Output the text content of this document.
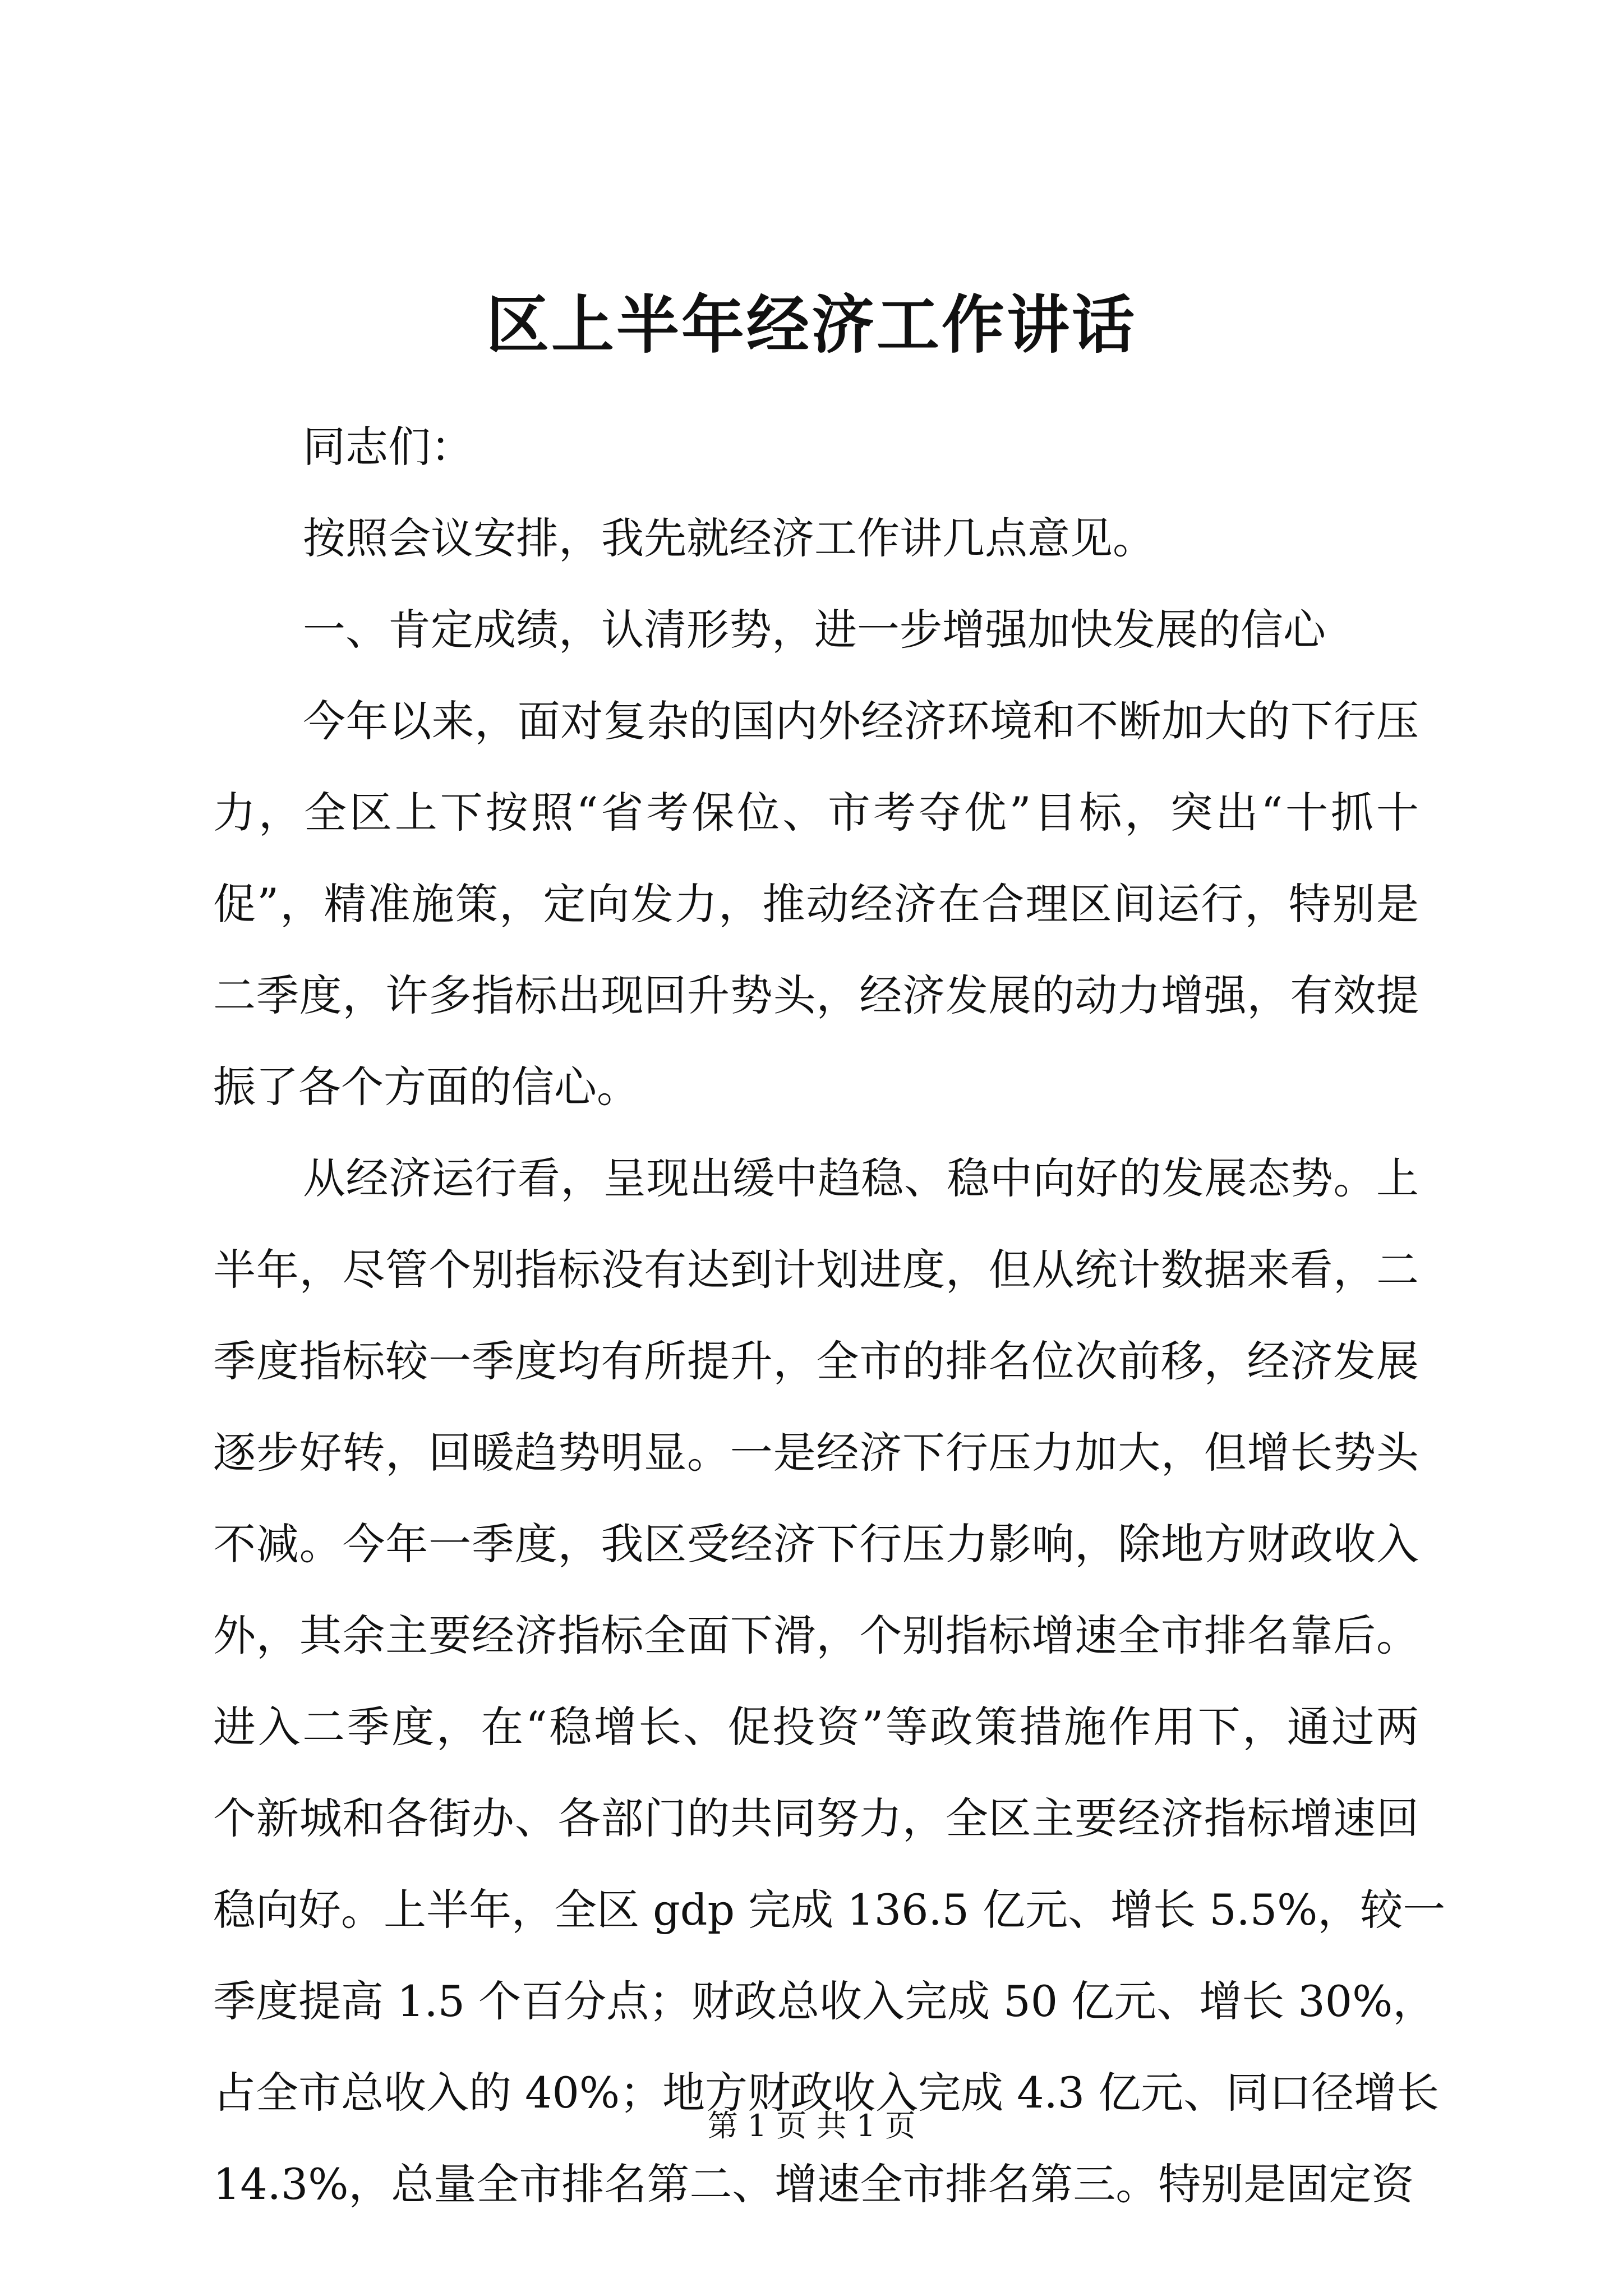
区上半年经济工作讲话

同志们：

按照会议安排，我先就经济工作讲几点意见。

一、肯定成绩，认清形势，进一步增强加快发展的信心

今年以来，面对复杂的国内外经济环境和不断加大的下行压
力，全区上下按照“省考保位、市考夺优”目标，突出“十抓十
促”，精准施策，定向发力，推动经济在合理区间运行，特别是
二季度，许多指标出现回升势头，经济发展的动力增强，有效提
振了各个方面的信心。
从经济运行看，呈现出缓中趋稳、稳中向好的发展态势。上
半年，尽管个别指标没有达到计划进度，但从统计数据来看，二
季度指标较一季度均有所提升，全市的排名位次前移，经济发展
逐步好转，回暖趋势明显。一是经济下行压力加大，但增长势头
不减。今年一季度，我区受经济下行压力影响，除地方财政收入
外，其余主要经济指标全面下滑，个别指标增速全市排名靠后。
进入二季度，在“稳增长、促投资”等政策措施作用下，通过两
个新城和各街办、各部门的共同努力，全区主要经济指标增速回
稳向好。上半年，全区 gdp 完成 136.5 亿元、增长 5.5%，较一
季度提高 1.5 个百分点；财政总收入完成 50 亿元、增长 30%，
占全市总收入的 40%；地方财政收入完成 4.3 亿元、同口径增长
14.3%，总量全市排名第二、增速全市排名第三。特别是固定资
第 1 页 共 1 页
